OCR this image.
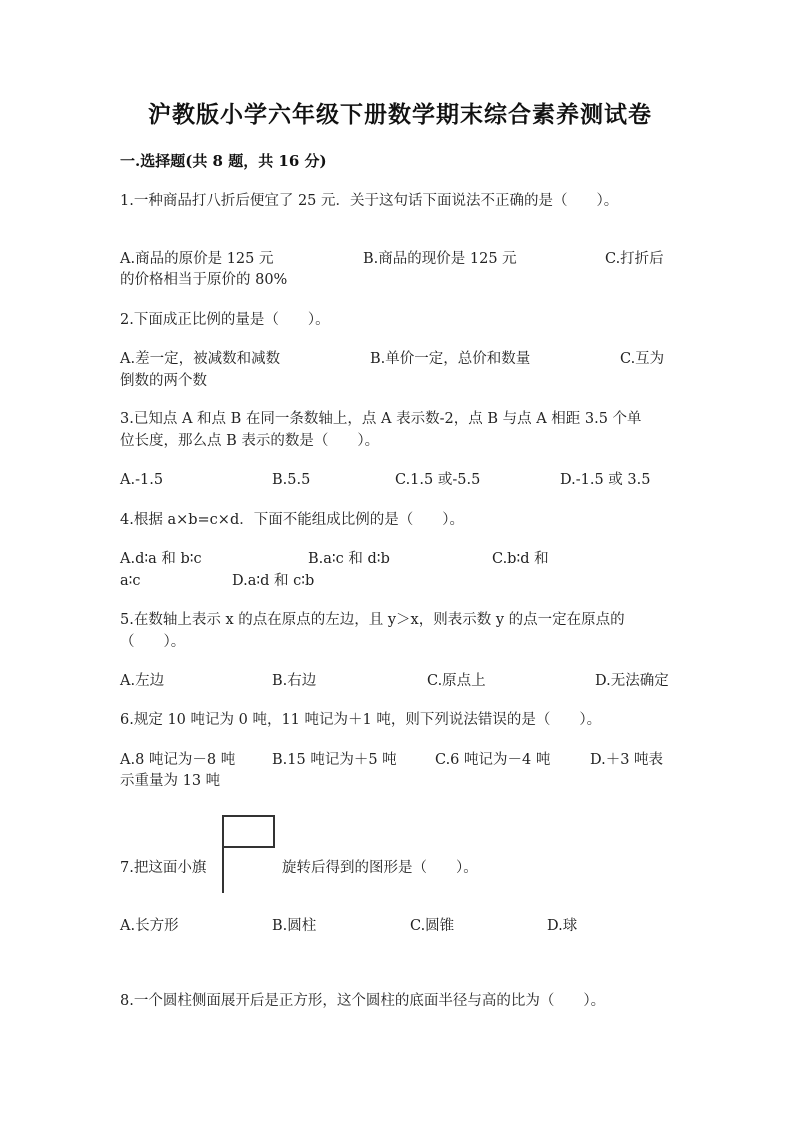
沪教版小学六年级下册数学期末综合素养测试卷
一.选择题(共 8 题，共 16 分)
1.一种商品打八折后便宜了 25 元．关于这句话下面说法不正确的是（　　）。
A.商品的原价是 125 元	B.商品的现价是 125 元	C.打折后
的价格相当于原价的 80%
2.下面成正比例的量是（　　）。
A.差一定，被减数和减数	B.单价一定，总价和数量	C.互为
倒数的两个数
3.已知点 A 和点 B 在同一条数轴上，点 A 表示数-2，点 B 与点 A 相距 3.5 个单
位长度，那么点 B 表示的数是（　　）。
A.-1.5	B.5.5	C.1.5 或-5.5	D.-1.5 或 3.5
4.根据 a×b=c×d．下面不能组成比例的是（　　）。
A.d∶a 和 b∶c	B.a∶c 和 d∶b	C.b∶d 和
a∶c	D.a∶d 和 c∶b
5.在数轴上表示 x 的点在原点的左边，且 y＞x，则表示数 y 的点一定在原点的
（　　）。
A.左边	B.右边	C.原点上	D.无法确定
6.规定 10 吨记为 0 吨，11 吨记为＋1 吨，则下列说法错误的是（　　）。
A.8 吨记为－8 吨	B.15 吨记为＋5 吨	C.6 吨记为－4 吨	D.＋3 吨表
示重量为 13 吨
7.把这面小旗	旋转后得到的图形是（　　）。
A.长方形	B.圆柱	C.圆锥	D.球
8.一个圆柱侧面展开后是正方形，这个圆柱的底面半径与高的比为（　　）。
